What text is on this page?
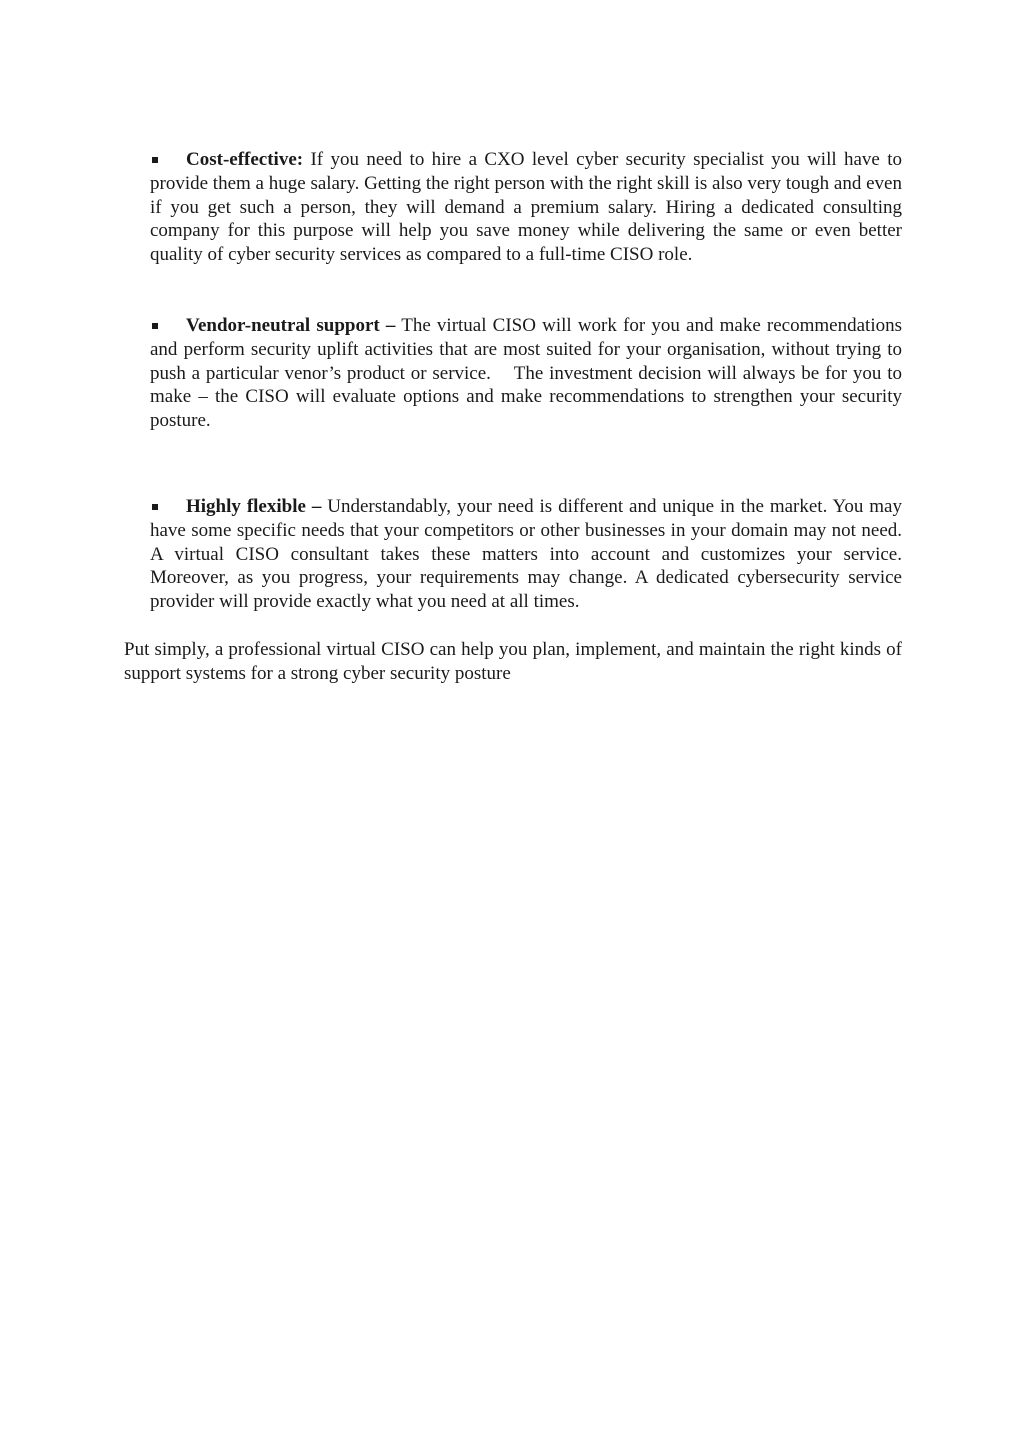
Cost-effective: If you need to hire a CXO level cyber security specialist you will have to provide them a huge salary. Getting the right person with the right skill is also very tough and even if you get such a person, they will demand a premium salary. Hiring a dedicated consulting company for this purpose will help you save money while delivering the same or even better quality of cyber security services as compared to a full-time CISO role.

Vendor-neutral support – The virtual CISO will work for you and make recommendations and perform security uplift activities that are most suited for your organisation, without trying to push a particular venor’s product or service.    The investment decision will always be for you to make – the CISO will evaluate options and make recommendations to strengthen your security posture.

Highly flexible – Understandably, your need is different and unique in the market. You may have some specific needs that your competitors or other businesses in your domain may not need. A virtual CISO consultant takes these matters into account and customizes your service. Moreover, as you progress, your requirements may change. A dedicated cybersecurity service provider will provide exactly what you need at all times.

Put simply, a professional virtual CISO can help you plan, implement, and maintain the right kinds of support systems for a strong cyber security posture
